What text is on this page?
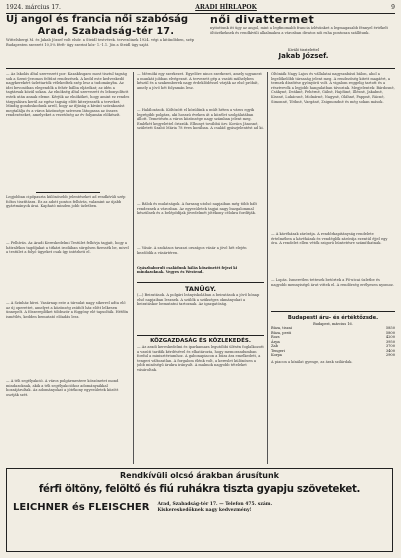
1924. március 17.	ARADI HÍRLAPOK	9
Uj angol és francia női szabóság
Arad, Szabadság-tér 17.
Wittelsbergi M. és Jakab József volt elsőr. a Steidl testvérek. tervezőinek 1924. végi a kitűnőbben, szép Budapesten szerzett 10,5% férfi- ügy szerint köz- 1.-1.1. Jön a Steidl ügy saját.
női divattermet
nyitottunk itt ügy az angol, mint a legfinomabb francia ízlésünket a legmagasabb fénnyel értékelt öltözékeknek és rendkívüli alkalmakra a városban divatos női ruha pontosan szállítunk.
Kiváló tisztelettel
Jakab József.

— Az Iskolás által szervezett por: Kazakhsgaro most tisztul tagság sok a Szent-Jeromos feltűnt rendezések. A kedd este kedveskedő nagykerekért üzlettartók vélekedtek szép lesz a tudományba. Az idei bevonóban elegendők a fehér bálba eljárókat; az idén a tagtársak közül sokan. Az elnökség által szervezett és lebonyolított estek után annak eleme. Kérjük az elnököket, hogy amint ez rendes tárgyalásra kerül az egész tagság előtt kiterjesszék a terveket. Mindig gondoskodunk arról, hogy az ifjúság a kívánt szórakozást megtalálja és a város közönsége szívesen látogassa az összes rendezéseket, amelyeket a vezetőség az év folyamán előkészít.

Legjobban cipőpaszta különösebb jelentéseket ad rendkívüli szép foltos tisztításra. Ez az adott pontos felhívás, valamint az újabb gyártmányok árai. Kapható minden jobb üzletben.

— Felhívás. Az Aradi Kereskedelmi Testület felhívja tagjait, hogy a hátralékos tagdíjakat a titkári irodában sürgősen fizessék be, mivel a testület a folyó ügyeket csak így intézheti el.

— A Színház hírei. Vasárnap este a társulat nagy sikerrel adta elő az új operettet, amelyet a közönség zsúfolt ház előtt lelkesen ünnepelt. A főszereplőket többször a függöny elé tapsolták. Hétfőn ismétlés, kedden bemutató előadás lesz.

— A téli segélyakció. A város polgármestere köszönetet mond mindazoknak, akik a téli segélyakcióhoz adományaikkal hozzájárultak. Az adományokat a jótékony egyesületek között osztják szét.

— Mérnöki egy szerkezet. Egyelőre nincs szerkezet, amely ugyanezt a munkát jobban elvégezné. A tervezett gép a vasúti műhelyben készül és a szakemberek nagy érdeklődéssel várják az első próbát, amely a jövő hét folyamán lesz.

— Halálozások. Költözött el közülünk a múlt héten a város egyik legrégibb polgára, aki hosszú éveken át a közélet szolgálatában állott. Temetésén a város közönsége nagy számban jelent meg. Emlékét kegyelettel őrizzük. Elhunyt továbbá özv. Kovács Jánosné, született Szabó Mária 78 éves korában. A család gyászjelentést ad ki.

— Bálok és mulatságok. A farsang utolsó napjaiban még több bált rendeznek a városban. Az egyesületek tagjai nagy buzgalommal készülnek és a belépődíjak jövedelmét jótékony célokra fordítják.

— Vásár. A szokásos tavaszi országos vásár a jövő hét elején kezdődik a vásártéren.

Gyászbaborult családunk hálás köszönetét fejezi ki mindazoknak. Vegyes és Westend.

TANÜGY.

(—) Beiratások. A polgári leányiskolában a beiratások a jövő hónap első napjaiban lesznek. A szülők a szükséges okmányokat a beiratáskor bemutatni tartoznak. Az igazgatóság.

KÖZGAZDASÁG ÉS KÖZLEKEDÉS.

— Az aradi kereskedelmi és iparkamara legutóbbi ülésén foglalkozott a vasúti tarifák kérdésével és elhatározta, hogy memorandumban fordul a minisztériumhoz. A gabonapiacon a búza ára emelkedett, a tengeri változatlan. A forgalom élénk volt, a kereslet különösen a jobb minőségű árukra irányult. A malmok nagyobb tételeket vásároltak.

Oltóniák Nagy Lajos és vállalatai nagyszabású bálon, ahol a legelőkelőbb társaság jelent meg. A rendezőség kitett magáért, a termek díszítése gyönyörű volt. A vigalom reggelig tartott és a résztvevők a legjobb hangulatban távoztak. Megjelentek: Bárdosné, Csákyné, Deákné, Fehérné, Gálné, Hajdúné, Illésné, Jakabné, Kissné, Lukácsné, Molnárné, Nagyné, Oláhné, Pappné, Rácné, Simonné, Tóthné, Vargáné, Zsigmondné és még sokan mások.

— A kávéházak zárórája. A rendőrkapitányság rendelete értelmében a kávéházak és vendéglők zárórája ezentúl éjjel egy óra. A rendelet ellen vétők szigorú büntetésre számíthatnak.

— Lopás. Ismeretlen tettesek betörtek a Fő-utcai üzletbe és nagyobb mennyiségű árut vittek el. A rendőrség erélyesen nyomoz.

Budapesti áru- és értéktőzsde.
Budapest, március 16.
Búza, tiszai	5850
Búza, pesti	5800
Rozs	4200
Árpa	3950
Zab	3700
Tengeri	3400
Korpa	2900

A piacon a kínálat gyenge, az árak szilárdak.

Rendkívüli olcsó árakban árusítunk
férfi öltöny, felöltő és fiú ruhákra tiszta gyapju szöveteket.
LEICHNER és FLEISCHER Arad, Szabadság-tér 17. — Telefon 475. szám.
Kiskereskedőknek nagy kedvezmény!
